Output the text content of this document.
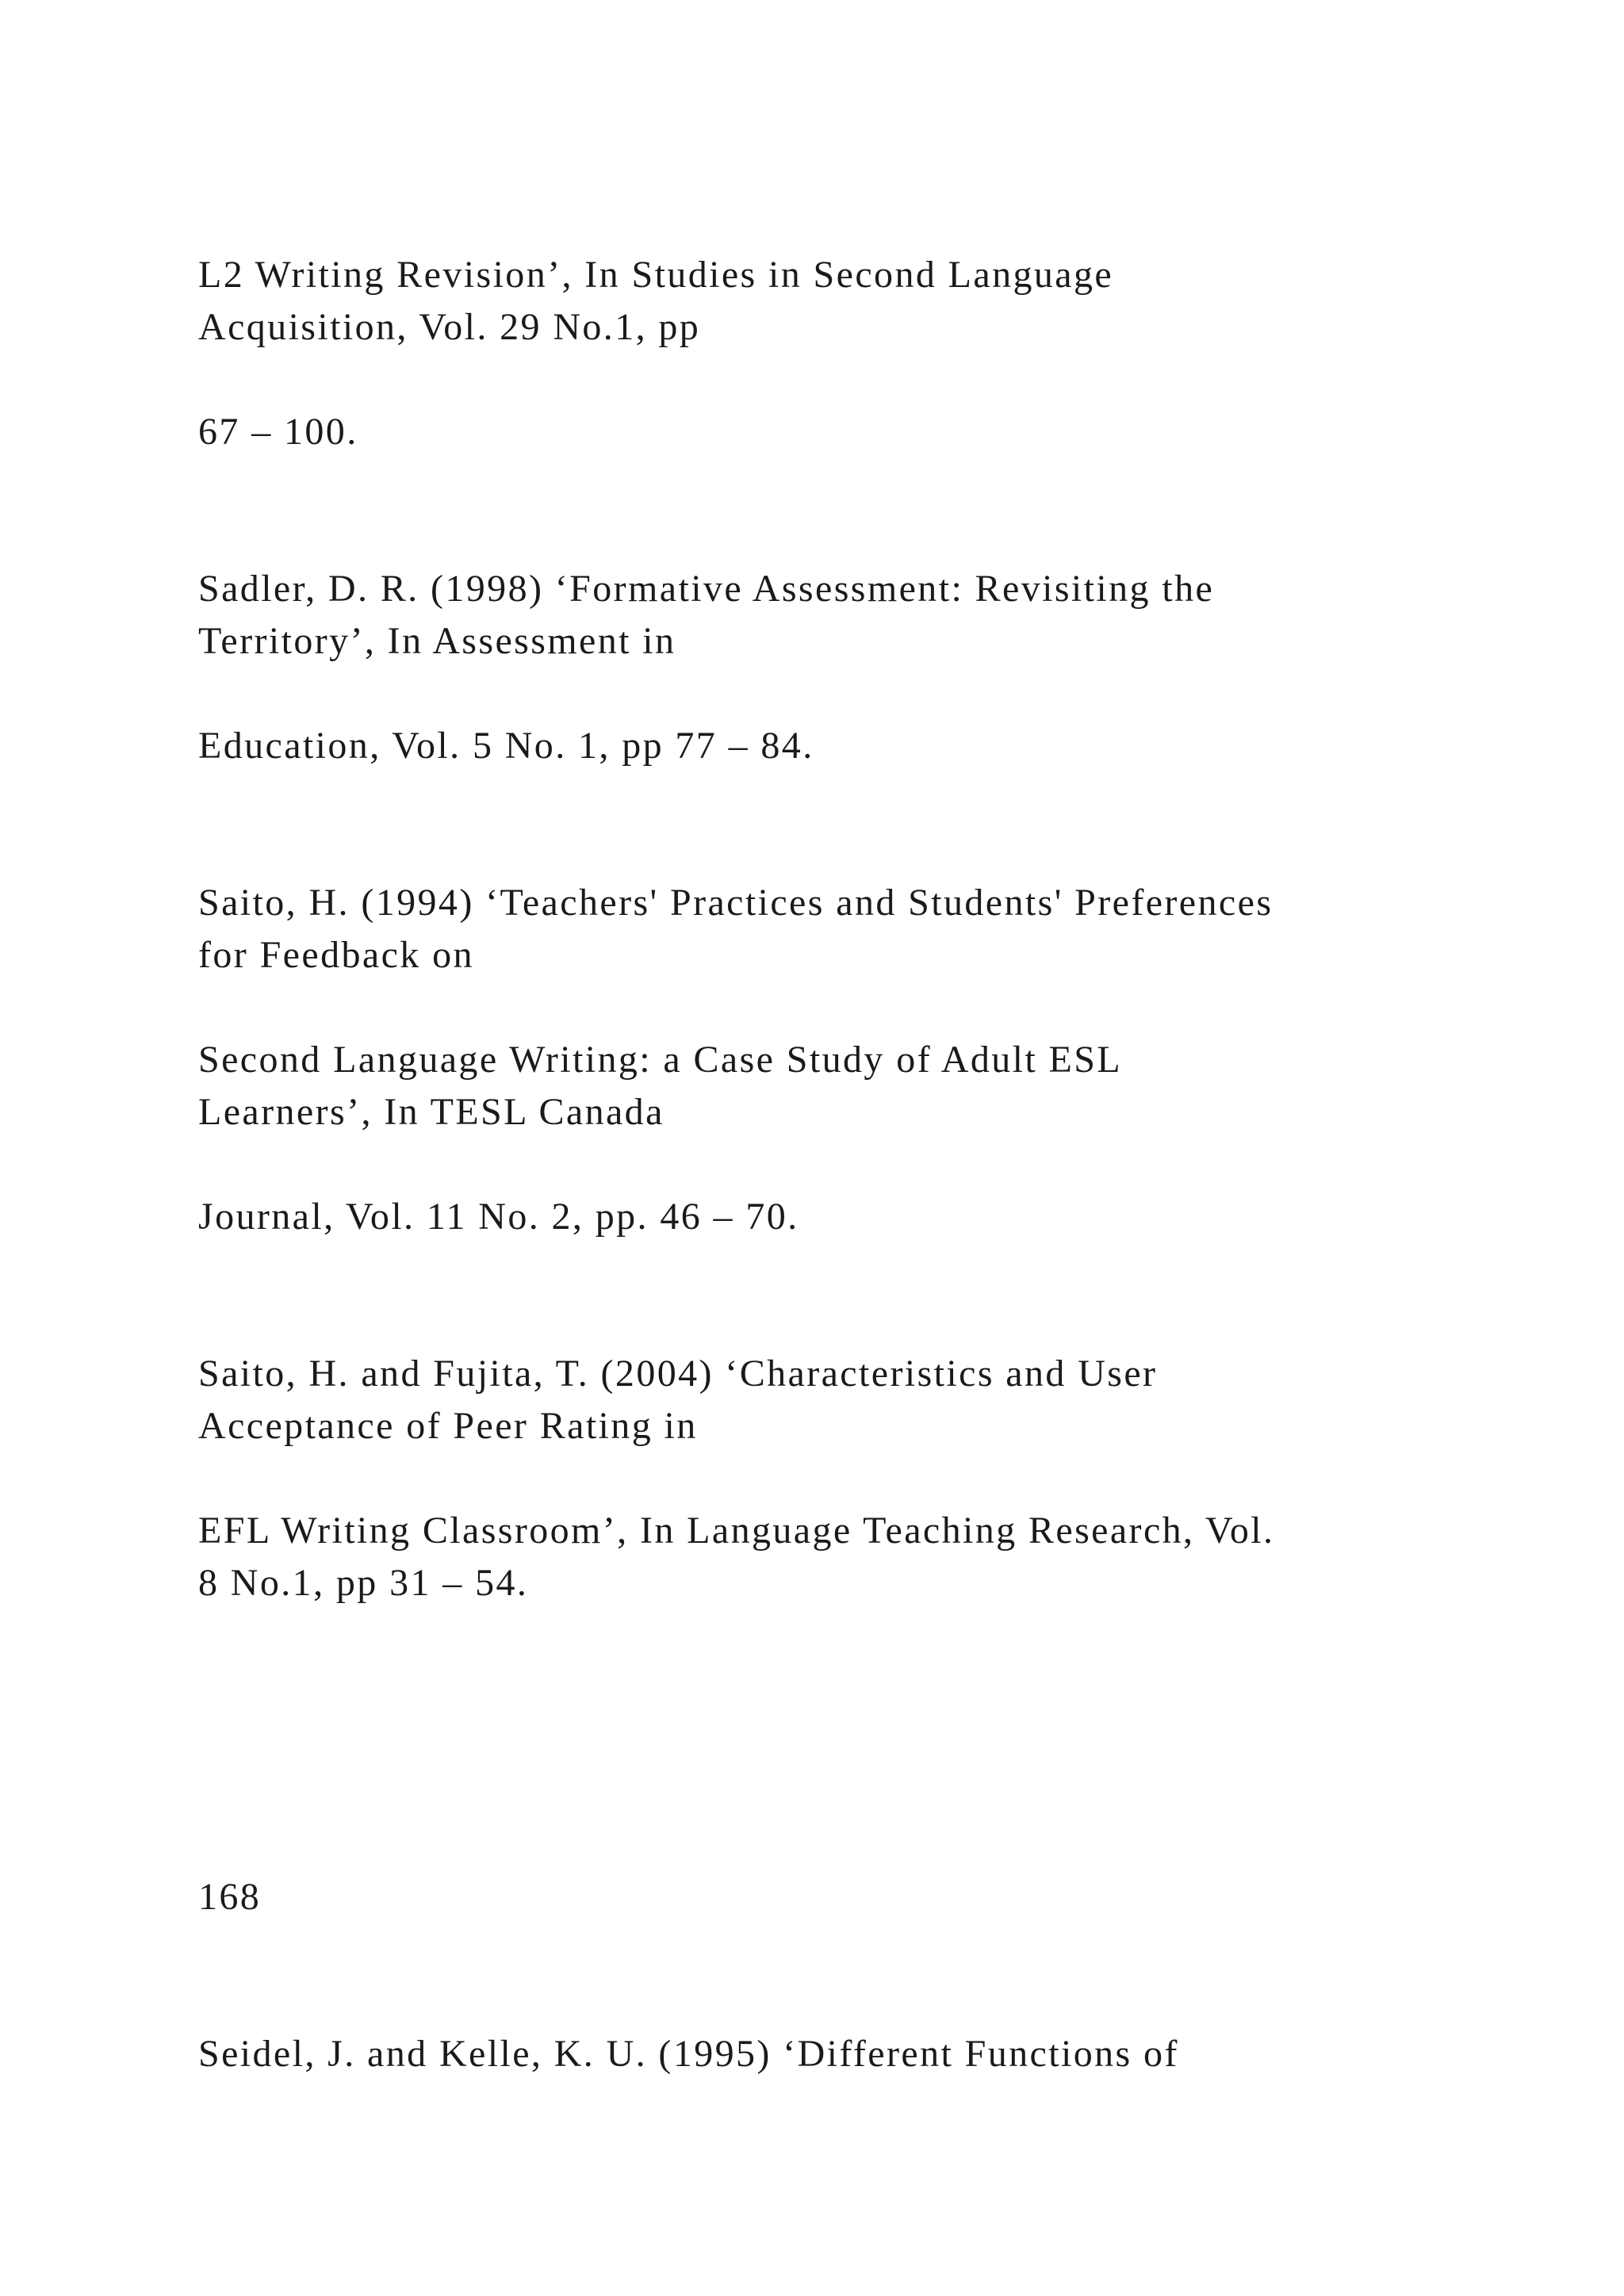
L2 Writing Revision’, In Studies in Second Language

Acquisition, Vol. 29 No.1, pp

67 – 100.

Sadler, D. R. (1998) ‘Formative Assessment: Revisiting the

Territory’, In Assessment in

Education, Vol. 5 No. 1, pp 77 – 84.

Saito, H. (1994) ‘Teachers' Practices and Students' Preferences

for Feedback on

Second Language Writing: a Case Study of Adult ESL

Learners’, In TESL Canada

Journal, Vol. 11 No. 2, pp. 46 – 70.

Saito, H. and Fujita, T. (2004) ‘Characteristics and User

Acceptance of Peer Rating in

EFL Writing Classroom’, In Language Teaching Research, Vol.

8 No.1, pp 31 – 54.

168

Seidel, J. and Kelle, K. U. (1995) ‘Different Functions of
